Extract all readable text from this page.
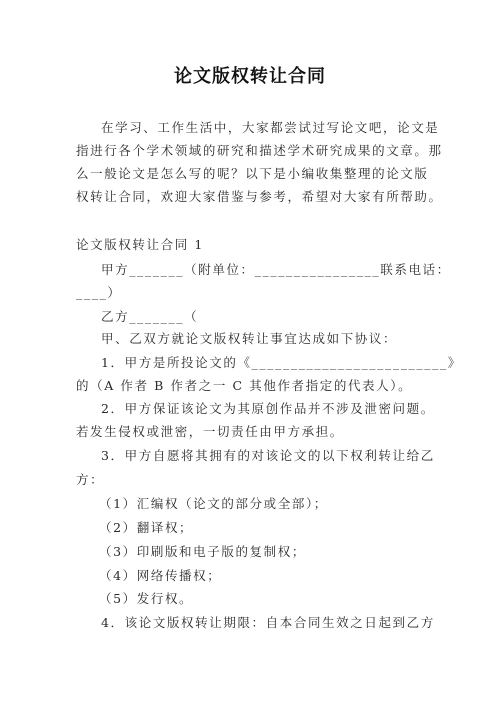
论文版权转让合同
在学习、工作生活中，大家都尝试过写论文吧，论文是
指进行各个学术领域的研究和描述学术研究成果的文章。那
么一般论文是怎么写的呢？以下是小编收集整理的论文版
权转让合同，欢迎大家借鉴与参考，希望对大家有所帮助。
论文版权转让合同 1
甲方_______（附单位：________________联系电话：
____）
乙方_______（
甲、乙双方就论文版权转让事宜达成如下协议：
1．甲方是所投论文的《_________________________》
的（A 作者 B 作者之一 C 其他作者指定的代表人）。
2．甲方保证该论文为其原创作品并不涉及泄密问题。
若发生侵权或泄密，一切责任由甲方承担。
3．甲方自愿将其拥有的对该论文的以下权利转让给乙
方：
（1）汇编权（论文的部分或全部）；
（2）翻译权；
（3）印刷版和电子版的复制权；
（4）网络传播权；
（5）发行权。
4．该论文版权转让期限：自本合同生效之日起到乙方
